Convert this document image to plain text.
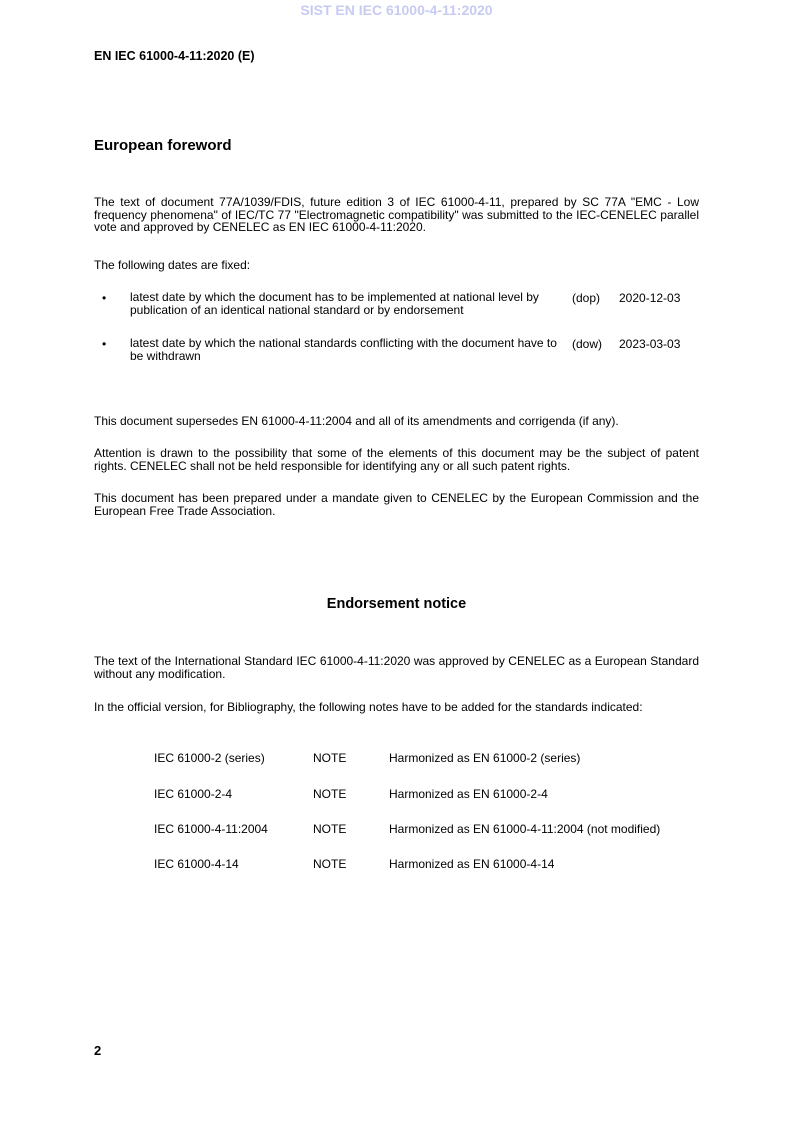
SIST EN IEC 61000-4-11:2020
EN IEC 61000-4-11:2020 (E)
European foreword
The text of document 77A/1039/FDIS, future edition 3 of IEC 61000-4-11, prepared by SC 77A "EMC - Low frequency phenomena" of IEC/TC 77 "Electromagnetic compatibility" was submitted to the IEC-CENELEC parallel vote and approved by CENELEC as EN IEC 61000-4-11:2020.
The following dates are fixed:
• latest date by which the document has to be implemented at national level by publication of an identical national standard or by endorsement
(dop) 2020-12-03
• latest date by which the national standards conflicting with the document have to be withdrawn
(dow) 2023-03-03
This document supersedes EN 61000-4-11:2004 and all of its amendments and corrigenda (if any).
Attention is drawn to the possibility that some of the elements of this document may be the subject of patent rights. CENELEC shall not be held responsible for identifying any or all such patent rights.
This document has been prepared under a mandate given to CENELEC by the European Commission and the European Free Trade Association.
Endorsement notice
The text of the International Standard IEC 61000-4-11:2020 was approved by CENELEC as a European Standard without any modification.
In the official version, for Bibliography, the following notes have to be added for the standards indicated:
IEC 61000-2 (series)	NOTE	Harmonized as EN 61000-2 (series)
IEC 61000-2-4	NOTE	Harmonized as EN 61000-2-4
IEC 61000-4-11:2004	NOTE	Harmonized as EN 61000-4-11:2004 (not modified)
IEC 61000-4-14	NOTE	Harmonized as EN 61000-4-14
2
